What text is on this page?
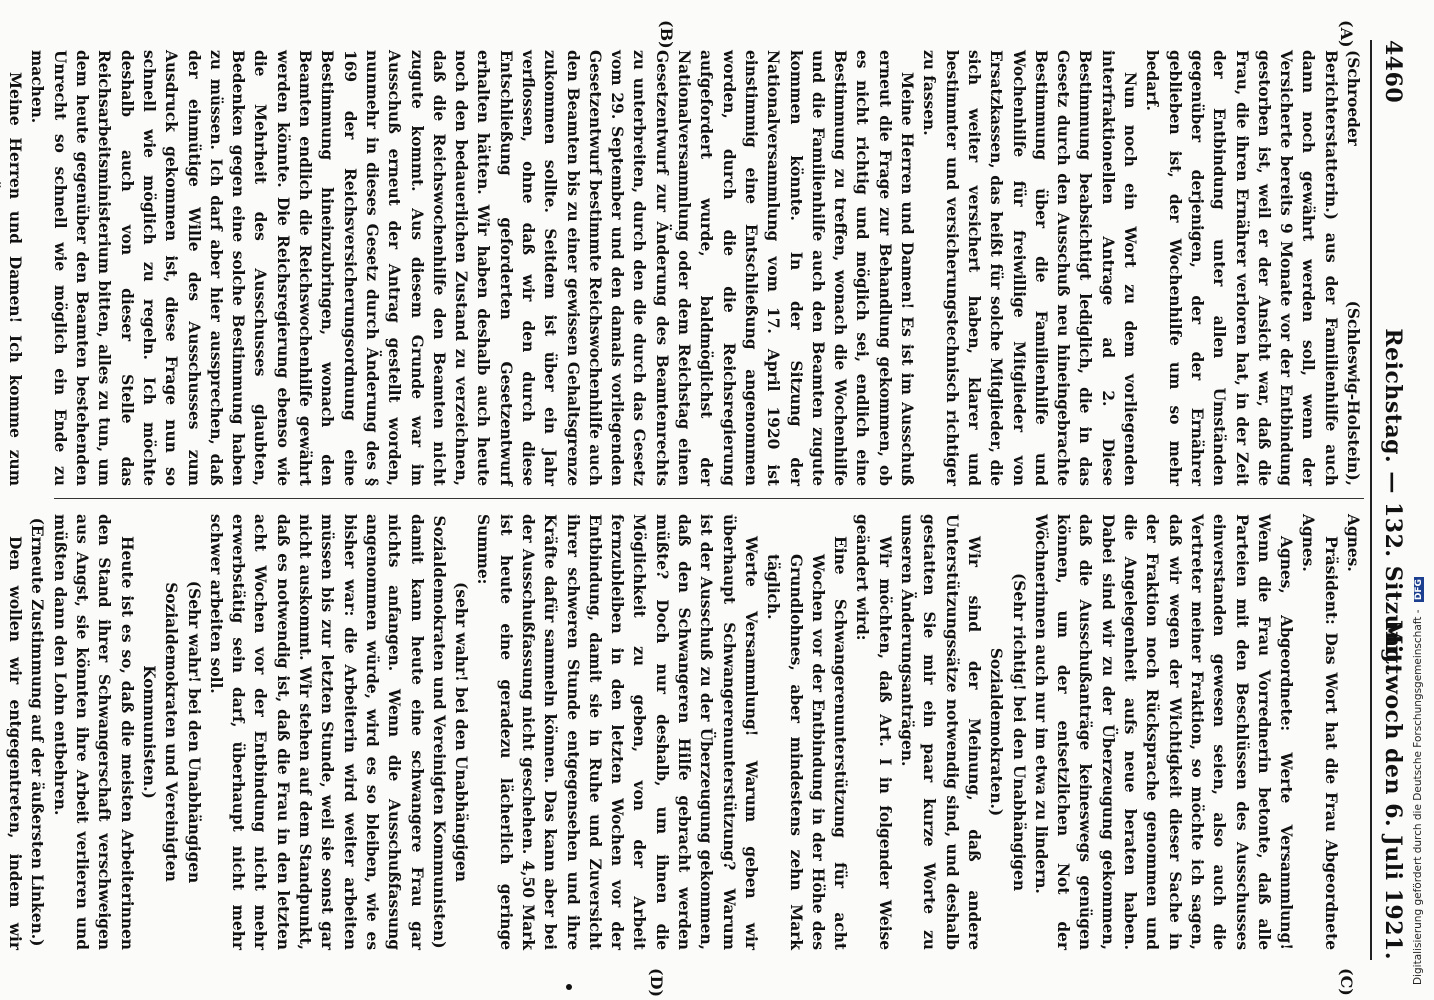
4460
Reichstag. — 132. Sitzung.
Mittwoch den 6. Juli 1921.
(A)
(B)
(C)
(D)

(Schroeder (Schleswig-Holstein), Berichterstatterin.) aus der Familienhilfe auch dann noch gewährt werden soll, wenn der Versicherte bereits 9 Monate vor der Entbindung gestorben ist, weil er der Ansicht war, daß die Frau, die ihren Ernährer verloren hat, in der Zeit der Entbindung unter allen Umständen gegenüber derjenigen, der der Ernährer geblieben ist, der Wochenhilfe um so mehr bedarf.

Nun noch ein Wort zu dem vorliegenden interfraktionellen Antrage ad 2. Diese Bestimmung beabsichtigt lediglich, die in das Gesetz durch den Ausschuß neu hineingebrachte Bestimmung über die Familienhilfe und Wochenhilfe für freiwillige Mitglieder von Ersatzkassen, das heißt für solche Mitglieder, die sich weiter versichert haben, klarer und bestimmter und versicherungstechnisch richtiger zu fassen.

Meine Herren und Damen! Es ist im Ausschuß erneut die Frage zur Behandlung gekommen, ob es nicht richtig und möglich sei, endlich eine Bestimmung zu treffen, wonach die Wochenhilfe und die Familienhilfe auch den Beamten zugute kommen könnte. In der Sitzung der Nationalversammlung vom 17. April 1920 ist einstimmig eine Entschließung angenommen worden, durch die die Reichsregierung aufgefordert wurde, baldmöglichst der Nationalversammlung oder dem Reichstag einen Gesetzentwurf zur Änderung des Beamtenrechts zu unterbreiten, durch den die durch das Gesetz vom 29. September und den damals vorliegenden Gesetzentwurf bestimmte Reichswochenhilfe auch den Beamten bis zu einer gewissen Gehaltsgrenze zukommen sollte. Seitdem ist über ein Jahr verflossen, ohne daß wir den durch diese Entschließung geforderten Gesetzentwurf erhalten hätten. Wir haben deshalb auch heute noch den bedauerlichen Zustand zu verzeichnen, daß die Reichswochenhilfe den Beamten nicht zugute kommt. Aus diesem Grunde war im Ausschuß erneut der Antrag gestellt worden, nunmehr in dieses Gesetz durch Änderung des § 169 der Reichsversicherungsordnung eine Bestimmung hineinzubringen, wonach den Beamten endlich die Reichswochenhilfe gewährt werden könnte. Die Reichsregierung ebenso wie die Mehrheit des Ausschusses glaubten, Bedenken gegen eine solche Bestimmung haben zu müssen. Ich darf aber hier aussprechen, daß der einmütige Wille des Ausschusses zum Ausdruck gekommen ist, diese Frage nun so schnell wie möglich zu regeln. Ich möchte deshalb auch von dieser Stelle das Reichsarbeitsministerium bitten, alles zu tun, um dem heute gegenüber den Beamten bestehenden Unrecht so schnell wie möglich ein Ende zu machen.

Meine Herren und Damen! Ich komme zum

Agnes.

Präsident: Das Wort hat die Frau Abgeordnete Agnes.

Agnes, Abgeordnete: Werte Versammlung! Wenn die Frau Vorrednerin betonte, daß alle Parteien mit den Beschlüssen des Ausschusses einverstanden gewesen seien, also auch die Vertreter meiner Fraktion, so möchte ich sagen, daß wir wegen der Wichtigkeit dieser Sache in der Fraktion noch Rücksprache genommen und die Angelegenheit aufs neue beraten haben. Dabei sind wir zu der Überzeugung gekommen, daß die Ausschußanträge keineswegs genügen können, um der entsetzlichen Not der Wöchnerinnen auch nur im etwa zu lindern.

(Sehr richtig! bei den Unabhängigen Sozialdemokraten.)

Wir sind der Meinung, daß andere Unterstützungssätze notwendig sind, und deshalb gestatten Sie mir ein paar kurze Worte zu unseren Änderungsanträgen.

Wir möchten, daß Art. I in folgender Weise geändert wird:

Eine Schwangerenunterstützung für acht Wochen vor der Entbindung in der Höhe des Grundlohnes, aber mindestens zehn Mark täglich.

Werte Versammlung! Warum geben wir überhaupt Schwangerenunterstützung? Warum ist der Ausschuß zu der Überzeugung gekommen, daß den Schwangeren Hilfe gebracht werden müßte? Doch nur deshalb, um ihnen die Möglichkeit zu geben, von der Arbeit fernzubleiben in den letzten Wochen vor der Entbindung, damit sie in Ruhe und Zuversicht ihrer schweren Stunde entgegensehen und ihre Kräfte dafür sammeln können. Das kann aber bei der Ausschußfassung nicht geschehen. 4,50 Mark ist heute eine geradezu lächerlich geringe Summe:

(sehr wahr! bei den Unabhängigen Sozialdemokraten und Vereinigten Kommunisten)

damit kann heute eine schwangere Frau gar nichts anfangen. Wenn die Ausschußfassung angenommen würde, wird es so bleiben, wie es bisher war: die Arbeiterin wird weiter arbeiten müssen bis zur letzten Stunde, weil sie sonst gar nicht auskommt. Wir stehen auf dem Standpunkt, daß es notwendig ist, daß die Frau in den letzten acht Wochen vor der Entbindung nicht mehr erwerbstätig sein darf, überhaupt nicht mehr schwer arbeiten soll.

(Sehr wahr! bei den Unabhängigen Sozialdemokraten und Vereinigten Kommunisten.)

Heute ist es so, daß die meisten Arbeiterinnen den Stand ihrer Schwangerschaft verschweigen aus Angst, sie könnten ihre Arbeit verlieren und müßten dann den Lohn entbehren.

(Erneute Zustimmung auf der äußersten Linken.)

Den wollen wir entgegentreten, indem wir	Digitalisierung gefördert durch die Deutsche Forschungsgemeinschaft - DFG
